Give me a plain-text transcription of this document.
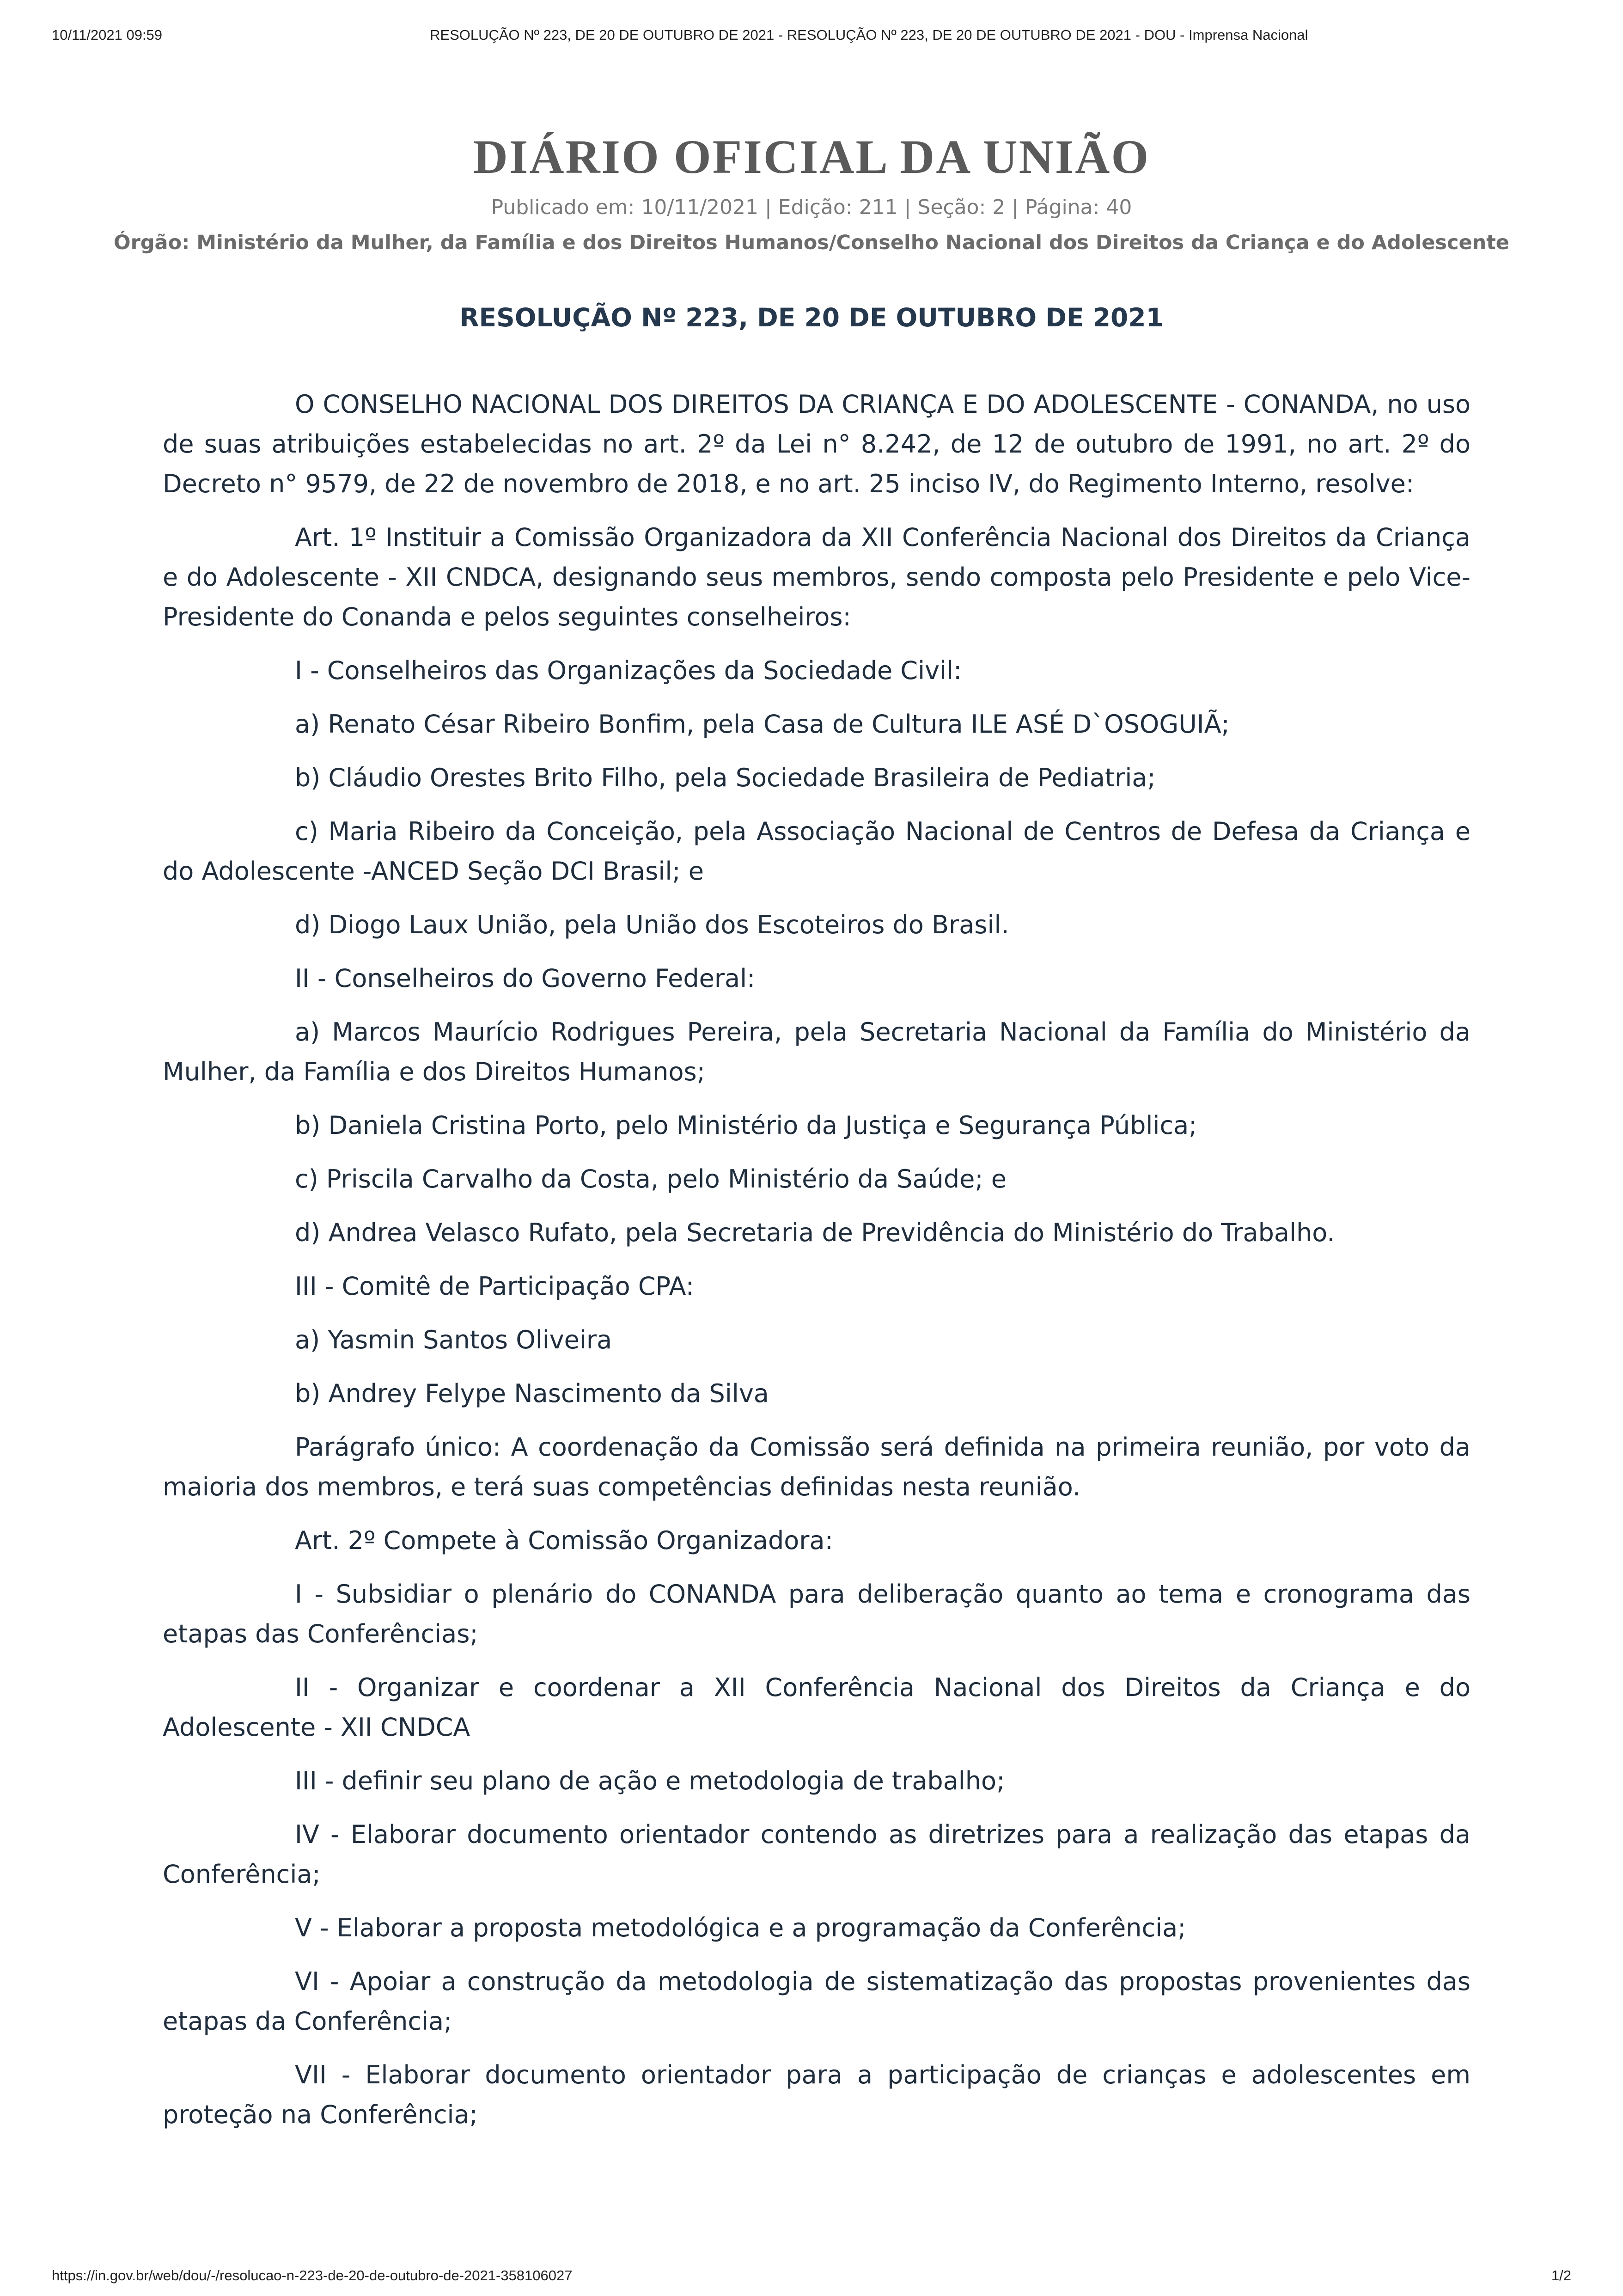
10/11/2021 09:59	RESOLUÇÃO Nº 223, DE 20 DE OUTUBRO DE 2021 - RESOLUÇÃO Nº 223, DE 20 DE OUTUBRO DE 2021 - DOU - Imprensa Nacional
DIÁRIO OFICIAL DA UNIÃO
Publicado em: 10/11/2021 | Edição: 211 | Seção: 2 | Página: 40
Órgão: Ministério da Mulher, da Família e dos Direitos Humanos/Conselho Nacional dos Direitos da Criança e do Adolescente
RESOLUÇÃO Nº 223, DE 20 DE OUTUBRO DE 2021

O CONSELHO NACIONAL DOS DIREITOS DA CRIANÇA E DO ADOLESCENTE - CONANDA, no uso de suas atribuições estabelecidas no art. 2º da Lei n° 8.242, de 12 de outubro de 1991, no art. 2º do Decreto n° 9579, de 22 de novembro de 2018, e no art. 25 inciso IV, do Regimento Interno, resolve:

Art. 1º Instituir a Comissão Organizadora da XII Conferência Nacional dos Direitos da Criança e do Adolescente - XII CNDCA, designando seus membros, sendo composta pelo Presidente e pelo Vice-Presidente do Conanda e pelos seguintes conselheiros:

I - Conselheiros das Organizações da Sociedade Civil:

a) Renato César Ribeiro Bonfim, pela Casa de Cultura ILE ASÉ D`OSOGUIÃ;

b) Cláudio Orestes Brito Filho, pela Sociedade Brasileira de Pediatria;

c) Maria Ribeiro da Conceição, pela Associação Nacional de Centros de Defesa da Criança e do Adolescente -ANCED Seção DCI Brasil; e

d) Diogo Laux União, pela União dos Escoteiros do Brasil.

II - Conselheiros do Governo Federal:

a) Marcos Maurício Rodrigues Pereira, pela Secretaria Nacional da Família do Ministério da Mulher, da Família e dos Direitos Humanos;

b) Daniela Cristina Porto, pelo Ministério da Justiça e Segurança Pública;

c) Priscila Carvalho da Costa, pelo Ministério da Saúde; e

d) Andrea Velasco Rufato, pela Secretaria de Previdência do Ministério do Trabalho.

III - Comitê de Participação CPA:

a) Yasmin Santos Oliveira

b) Andrey Felype Nascimento da Silva

Parágrafo único: A coordenação da Comissão será definida na primeira reunião, por voto da maioria dos membros, e terá suas competências definidas nesta reunião.

Art. 2º Compete à Comissão Organizadora:

I - Subsidiar o plenário do CONANDA para deliberação quanto ao tema e cronograma das etapas das Conferências;

II - Organizar e coordenar a XII Conferência Nacional dos Direitos da Criança e do Adolescente - XII CNDCA

III - definir seu plano de ação e metodologia de trabalho;

IV - Elaborar documento orientador contendo as diretrizes para a realização das etapas da Conferência;

V - Elaborar a proposta metodológica e a programação da Conferência;

VI - Apoiar a construção da metodologia de sistematização das propostas provenientes das etapas da Conferência;

VII - Elaborar documento orientador para a participação de crianças e adolescentes em proteção na Conferência;

https://in.gov.br/web/dou/-/resolucao-n-223-de-20-de-outubro-de-2021-358106027	1/2
